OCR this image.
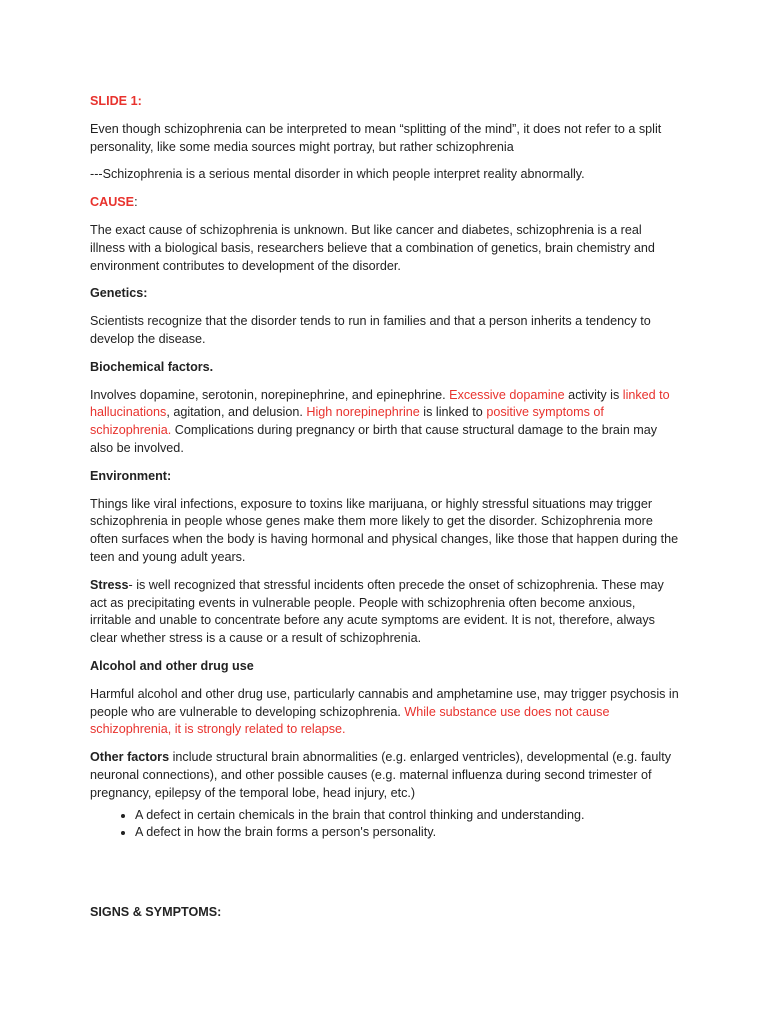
SLIDE 1:

Even though schizophrenia can be interpreted to mean “splitting of the mind”, it does not refer to a split personality, like some media sources might portray, but rather schizophrenia

---Schizophrenia is a serious mental disorder in which people interpret reality abnormally.

CAUSE:

The exact cause of schizophrenia is unknown. But like cancer and diabetes, schizophrenia is a real illness with a biological basis, researchers believe that a combination of genetics, brain chemistry and environment contributes to development of the disorder.

Genetics:

Scientists recognize that the disorder tends to run in families and that a person inherits a tendency to develop the disease.

Biochemical factors.

Involves dopamine, serotonin, norepinephrine, and epinephrine. Excessive dopamine activity is linked to hallucinations, agitation, and delusion. High norepinephrine is linked to positive symptoms of schizophrenia. Complications during pregnancy or birth that cause structural damage to the brain may also be involved.

Environment:

Things like viral infections, exposure to toxins like marijuana, or highly stressful situations may trigger schizophrenia in people whose genes make them more likely to get the disorder. Schizophrenia more often surfaces when the body is having hormonal and physical changes, like those that happen during the teen and young adult years.

Stress- is well recognized that stressful incidents often precede the onset of schizophrenia. These may act as precipitating events in vulnerable people. People with schizophrenia often become anxious, irritable and unable to concentrate before any acute symptoms are evident. It is not, therefore, always clear whether stress is a cause or a result of schizophrenia.

Alcohol and other drug use

Harmful alcohol and other drug use, particularly cannabis and amphetamine use, may trigger psychosis in people who are vulnerable to developing schizophrenia. While substance use does not cause schizophrenia, it is strongly related to relapse.

Other factors include structural brain abnormalities (e.g. enlarged ventricles), developmental (e.g. faulty neuronal connections), and other possible causes (e.g. maternal influenza during second trimester of pregnancy, epilepsy of the temporal lobe, head injury, etc.)

• A defect in certain chemicals in the brain that control thinking and understanding.
• A defect in how the brain forms a person's personality.

SIGNS & SYMPTOMS:
